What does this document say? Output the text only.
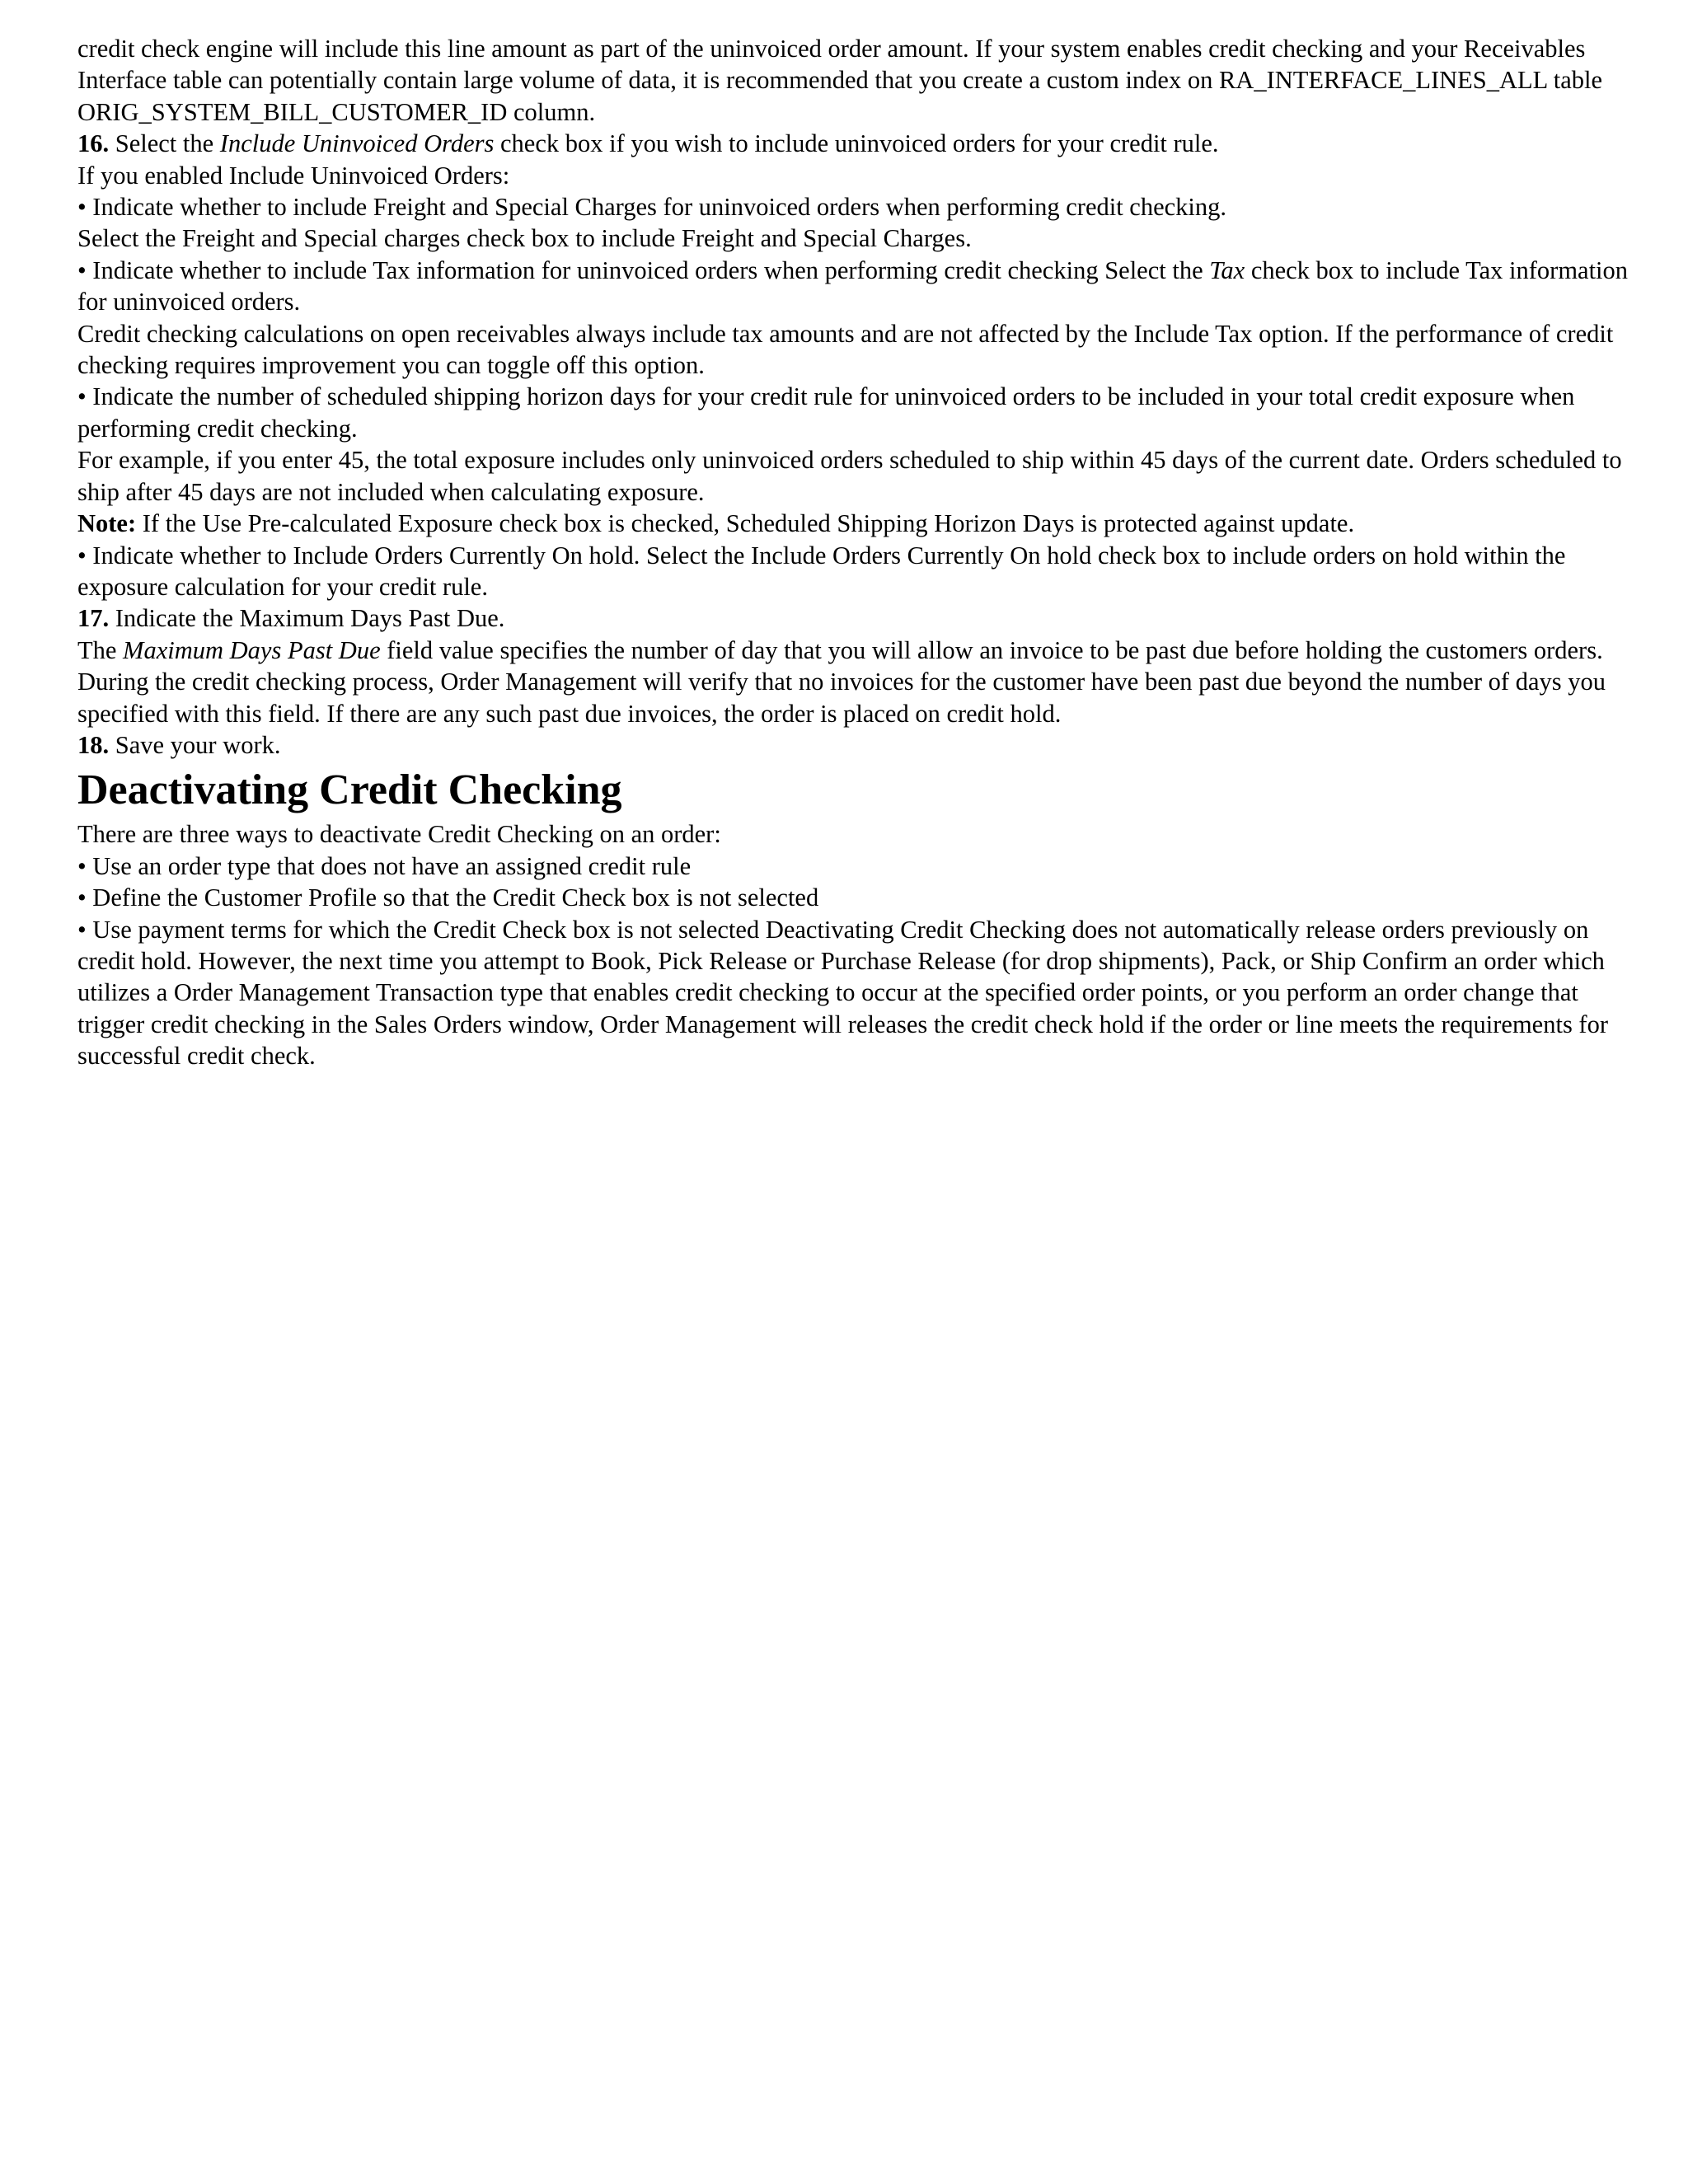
credit check engine will include this line amount as part of the uninvoiced order amount. If your system enables credit checking and your Receivables Interface table can potentially contain large volume of data, it is recommended that you create a custom index on RA_INTERFACE_LINES_ALL table ORIG_SYSTEM_BILL_CUSTOMER_ID column.

16. Select the Include Uninvoiced Orders check box if you wish to include uninvoiced orders for your credit rule.

If you enabled Include Uninvoiced Orders:

• Indicate whether to include Freight and Special Charges for uninvoiced orders when performing credit checking.

Select the Freight and Special charges check box to include Freight and Special Charges.

• Indicate whether to include Tax information for uninvoiced orders when performing credit checking Select the Tax check box to include Tax information for uninvoiced orders.

Credit checking calculations on open receivables always include tax amounts and are not affected by the Include Tax option. If the performance of credit checking requires improvement you can toggle off this option.

• Indicate the number of scheduled shipping horizon days for your credit rule for uninvoiced orders to be included in your total credit exposure when performing credit checking.

For example, if you enter 45, the total exposure includes only uninvoiced orders scheduled to ship within 45 days of the current date. Orders scheduled to ship after 45 days are not included when calculating exposure.

Note: If the Use Pre-calculated Exposure check box is checked, Scheduled Shipping Horizon Days is protected against update.

• Indicate whether to Include Orders Currently On hold. Select the Include Orders Currently On hold check box to include orders on hold within the exposure calculation for your credit rule.

17. Indicate the Maximum Days Past Due.

The Maximum Days Past Due field value specifies the number of day that you will allow an invoice to be past due before holding the customers orders. During the credit checking process, Order Management will verify that no invoices for the customer have been past due beyond the number of days you specified with this field. If there are any such past due invoices, the order is placed on credit hold.

18. Save your work.

Deactivating Credit Checking

There are three ways to deactivate Credit Checking on an order:

• Use an order type that does not have an assigned credit rule

• Define the Customer Profile so that the Credit Check box is not selected

• Use payment terms for which the Credit Check box is not selected Deactivating Credit Checking does not automatically release orders previously on credit hold. However, the next time you attempt to Book, Pick Release or Purchase Release (for drop shipments), Pack, or Ship Confirm an order which utilizes a Order Management Transaction type that enables credit checking to occur at the specified order points, or you perform an order change that trigger credit checking in the Sales Orders window, Order Management will releases the credit check hold if the order or line meets the requirements for successful credit check.
